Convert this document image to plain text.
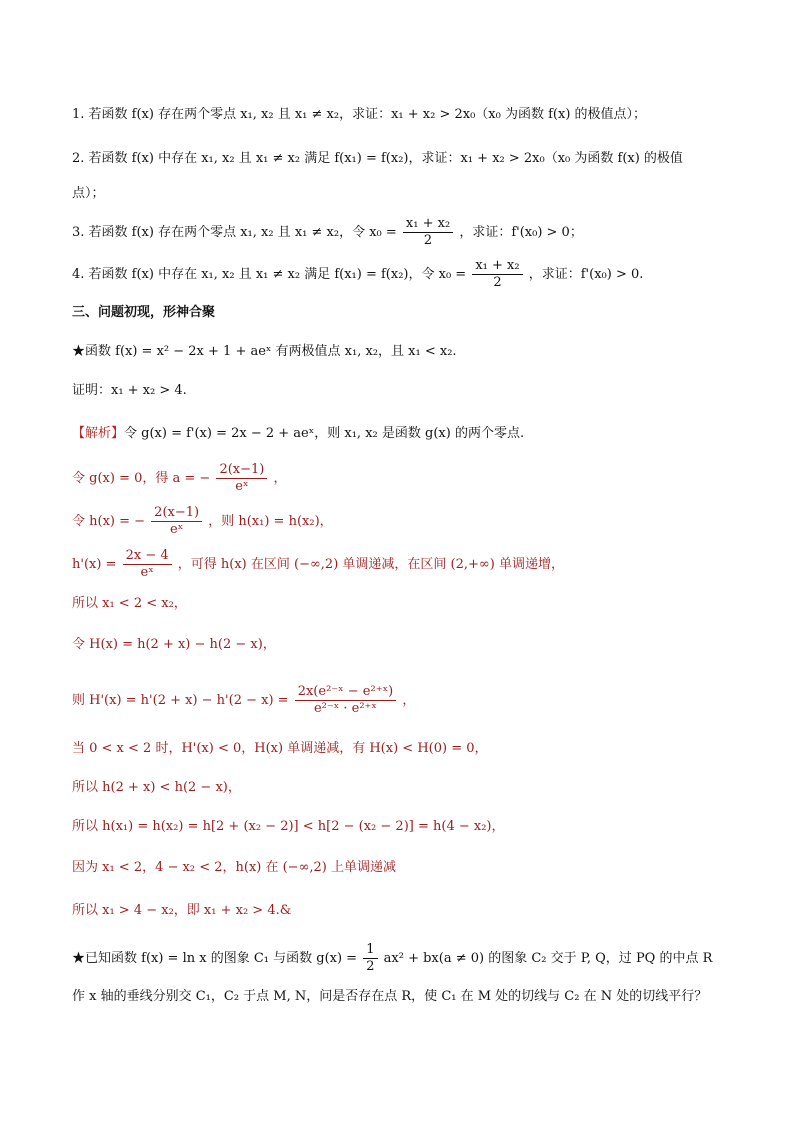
1. 若函数 f(x) 存在两个零点 x₁, x₂ 且 x₁ ≠ x₂，求证：x₁ + x₂ > 2x₀（x₀ 为函数 f(x) 的极值点）；
2. 若函数 f(x) 中存在 x₁, x₂ 且 x₁ ≠ x₂ 满足 f(x₁) = f(x₂)，求证：x₁ + x₂ > 2x₀（x₀ 为函数 f(x) 的极值
点）；
3. 若函数 f(x) 存在两个零点 x₁, x₂ 且 x₁ ≠ x₂，令 $x_0 = \frac{\text{x₁ + x₂}}{2}$ ，求证：f'(x₀) > 0；
4. 若函数 f(x) 中存在 x₁, x₂ 且 x₁ ≠ x₂ 满足 f(x₁) = f(x₂)，令 $x_0 = \frac{\text{x₁ + x₂}}{2}$ ，求证：f'(x₀) > 0.
三、问题初现，形神合聚
★函数 f(x) = x² − 2x + 1 + aeˣ 有两极值点 x₁, x₂，且 x₁ < x₂.
证明：x₁ + x₂ > 4.
【解析】令 g(x) = f'(x) = 2x − 2 + aeˣ，则 x₁, x₂ 是函数 g(x) 的两个零点.
令 g(x) = 0，得 a = − $\frac{2(x-1)}{\text{eˣ}}$ ，
令 h(x) = − $\frac{2(x-1)}{\text{eˣ}}$ ，则 h(x₁) = h(x₂)，
$h'(x) = \frac{2x - 4}{\text{eˣ}}$ ，可得 h(x) 在区间 (−∞,2) 单调递减，在区间 (2,+∞) 单调递增，
所以 x₁ < 2 < x₂，
令 H(x) = h(2 + x) − h(2 − x)，
则 $H'(x) = h'(2 + x) - h'(2 - x) = \frac{\text{2x(e²⁻ˣ − e²⁺ˣ)}}{\text{e²⁻ˣ · e²⁺ˣ}}$ ，
当 0 < x < 2 时，H'(x) < 0，H(x) 单调递减，有 H(x) < H(0) = 0，
所以 h(2 + x) < h(2 − x)，
所以 h(x₁) = h(x₂) = h[2 + (x₂ − 2)] < h[2 − (x₂ − 2)] = h(4 − x₂)，
因为 x₁ < 2，4 − x₂ < 2，h(x) 在 (−∞,2) 上单调递减
所以 x₁ > 4 − x₂，即 x₁ + x₂ > 4.&
★已知函数 f(x) = ln x 的图象 C₁ 与函数 $g(x) = \frac{1}{2} ax^2 + bx(a \ne 0)$ 的图象 C₂ 交于 P, Q，过 PQ 的中点 R
作 x 轴的垂线分别交 C₁，C₂ 于点 M, N，问是否存在点 R，使 C₁ 在 M 处的切线与 C₂ 在 N 处的切线平行？
